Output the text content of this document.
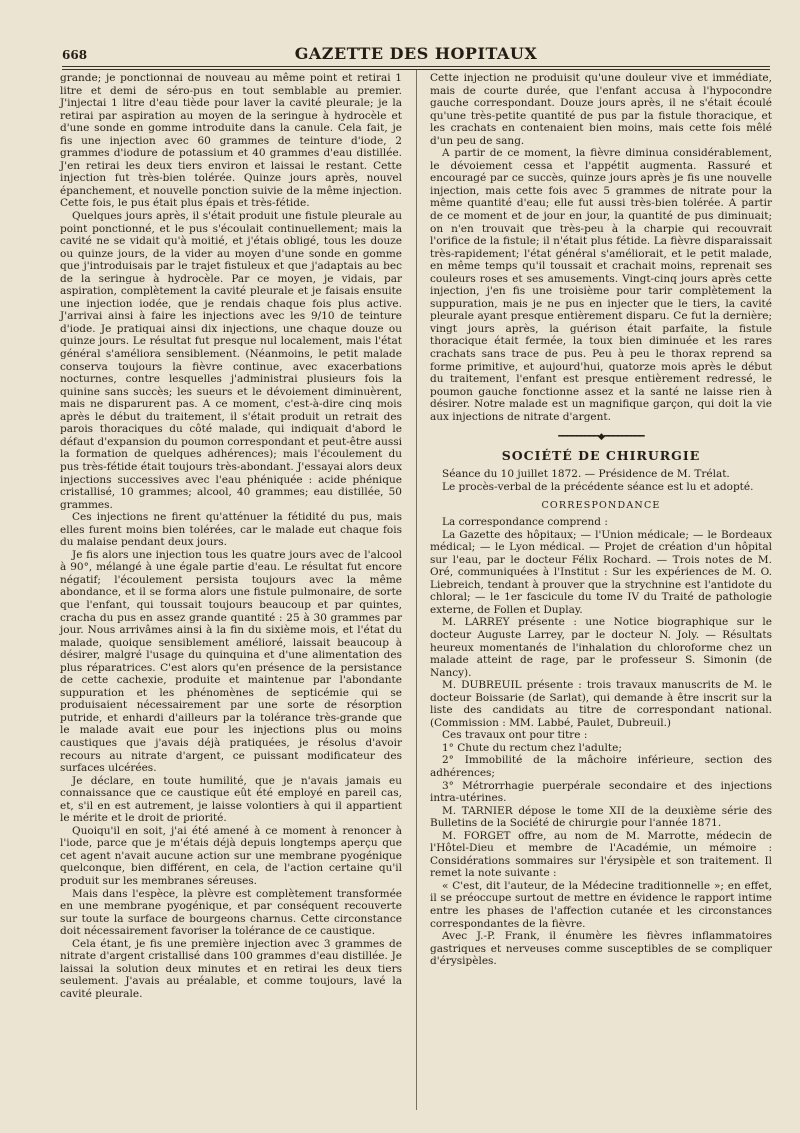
668	GAZETTE DES HOPITAUX

grande; je ponctionnai de nouveau au même point et retirai 1 litre et demi de séro-pus en tout semblable au premier. J'injectai 1 litre d'eau tiède pour laver la cavité pleurale; je la retirai par aspiration au moyen de la seringue à hydrocèle et d'une sonde en gomme introduite dans la canule. Cela fait, je fis une injection avec 60 grammes de teinture d'iode, 2 grammes d'iodure de potassium et 40 grammes d'eau distillée. J'en retirai les deux tiers environ et laissai le restant. Cette injection fut très-bien tolérée. Quinze jours après, nouvel épanchement, et nouvelle ponction suivie de la même injection. Cette fois, le pus était plus épais et très-fétide.

Quelques jours après, il s'était produit une fistule pleurale au point ponctionné, et le pus s'écoulait continuellement; mais la cavité ne se vidait qu'à moitié, et j'étais obligé, tous les douze ou quinze jours, de la vider au moyen d'une sonde en gomme que j'introduisais par le trajet fistuleux et que j'adaptais au bec de la seringue à hydrocèle. Par ce moyen, je vidais, par aspiration, complètement la cavité pleurale et je faisais ensuite une injection iodée, que je rendais chaque fois plus active. J'arrivai ainsi à faire les injections avec les 9/10 de teinture d'iode. Je pratiquai ainsi dix injections, une chaque douze ou quinze jours. Le résultat fut presque nul localement, mais l'état général s'améliora sensiblement. (Néanmoins, le petit malade conserva toujours la fièvre continue, avec exacerbations nocturnes, contre lesquelles j'administrai plusieurs fois la quinine sans succès; les sueurs et le dévoiement diminuèrent, mais ne disparurent pas. A ce moment, c'est-à-dire cinq mois après le début du traitement, il s'était produit un retrait des parois thoraciques du côté malade, qui indiquait d'abord le défaut d'expansion du poumon correspondant et peut-être aussi la formation de quelques adhérences); mais l'écoulement du pus très-fétide était toujours très-abondant. J'essayai alors deux injections successives avec l'eau phéniquée : acide phénique cristallisé, 10 grammes; alcool, 40 grammes; eau distillée, 50 grammes.

Ces injections ne firent qu'atténuer la fétidité du pus, mais elles furent moins bien tolérées, car le malade eut chaque fois du malaise pendant deux jours.

Je fis alors une injection tous les quatre jours avec de l'alcool à 90°, mélangé à une égale partie d'eau. Le résultat fut encore négatif; l'écoulement persista toujours avec la même abondance, et il se forma alors une fistule pulmonaire, de sorte que l'enfant, qui toussait toujours beaucoup et par quintes, cracha du pus en assez grande quantité : 25 à 30 grammes par jour. Nous arrivâmes ainsi à la fin du sixième mois, et l'état du malade, quoique sensiblement amélioré, laissait beaucoup à désirer, malgré l'usage du quinquina et d'une alimentation des plus réparatrices. C'est alors qu'en présence de la persistance de cette cachexie, produite et maintenue par l'abondante suppuration et les phénomènes de septicémie qui se produisaient nécessairement par une sorte de résorption putride, et enhardi d'ailleurs par la tolérance très-grande que le malade avait eue pour les injections plus ou moins caustiques que j'avais déjà pratiquées, je résolus d'avoir recours au nitrate d'argent, ce puissant modificateur des surfaces ulcérées.

Je déclare, en toute humilité, que je n'avais jamais eu connaissance que ce caustique eût été employé en pareil cas, et, s'il en est autrement, je laisse volontiers à qui il appartient le mérite et le droit de priorité.

Quoiqu'il en soit, j'ai été amené à ce moment à renoncer à l'iode, parce que je m'étais déjà depuis longtemps aperçu que cet agent n'avait aucune action sur une membrane pyogénique quelconque, bien différent, en cela, de l'action certaine qu'il produit sur les membranes séreuses.

Mais dans l'espèce, la plèvre est complètement transformée en une membrane pyogénique, et par conséquent recouverte sur toute la surface de bourgeons charnus. Cette circonstance doit nécessairement favoriser la tolérance de ce caustique.

Cela étant, je fis une première injection avec 3 grammes de nitrate d'argent cristallisé dans 100 grammes d'eau distillée. Je laissai la solution deux minutes et en retirai les deux tiers seulement. J'avais au préalable, et comme toujours, lavé la cavité pleurale.

Cette injection ne produisit qu'une douleur vive et immédiate, mais de courte durée, que l'enfant accusa à l'hypocondre gauche correspondant. Douze jours après, il ne s'était écoulé qu'une très-petite quantité de pus par la fistule thoracique, et les crachats en contenaient bien moins, mais cette fois mêlé d'un peu de sang.

A partir de ce moment, la fièvre diminua considérablement, le dévoiement cessa et l'appétit augmenta. Rassuré et encouragé par ce succès, quinze jours après je fis une nouvelle injection, mais cette fois avec 5 grammes de nitrate pour la même quantité d'eau; elle fut aussi très-bien tolérée. A partir de ce moment et de jour en jour, la quantité de pus diminuait; on n'en trouvait que très-peu à la charpie qui recouvrait l'orifice de la fistule; il n'était plus fétide. La fièvre disparaissait très-rapidement; l'état général s'améliorait, et le petit malade, en même temps qu'il toussait et crachait moins, reprenait ses couleurs roses et ses amusements. Vingt-cinq jours après cette injection, j'en fis une troisième pour tarir complètement la suppuration, mais je ne pus en injecter que le tiers, la cavité pleurale ayant presque entièrement disparu. Ce fut la dernière; vingt jours après, la guérison était parfaite, la fistule thoracique était fermée, la toux bien diminuée et les rares crachats sans trace de pus. Peu à peu le thorax reprend sa forme primitive, et aujourd'hui, quatorze mois après le début du traitement, l'enfant est presque entièrement redressé, le poumon gauche fonctionne assez et la santé ne laisse rien à désirer. Notre malade est un magnifique garçon, qui doit la vie aux injections de nitrate d'argent.

━━━━━━━━━◆━━━━━━━━━
SOCIÉTÉ DE CHIRURGIE

Séance du 10 juillet 1872. — Présidence de M. Trélat.

Le procès-verbal de la précédente séance est lu et adopté.

CORRESPONDANCE

La correspondance comprend :

La Gazette des hôpitaux; — l'Union médicale; — le Bordeaux médical; — le Lyon médical. — Projet de création d'un hôpital sur l'eau, par le docteur Félix Rochard. — Trois notes de M. Oré, communiquées à l'Institut : Sur les expériences de M. O. Liebreich, tendant à prouver que la strychnine est l'antidote du chloral; — le 1er fascicule du tome IV du Traité de pathologie externe, de Follen et Duplay.

M. LARREY présente : une Notice biographique sur le docteur Auguste Larrey, par le docteur N. Joly. — Résultats heureux momentanés de l'inhalation du chloroforme chez un malade atteint de rage, par le professeur S. Simonin (de Nancy).

M. DUBREUIL présente : trois travaux manuscrits de M. le docteur Boissarie (de Sarlat), qui demande à être inscrit sur la liste des candidats au titre de correspondant national. (Commission : MM. Labbé, Paulet, Dubreuil.)

Ces travaux ont pour titre :

1° Chute du rectum chez l'adulte;

2° Immobilité de la mâchoire inférieure, section des adhérences;

3° Métrorrhagie puerpérale secondaire et des injections intra-utérines.

M. TARNIER dépose le tome XII de la deuxième série des Bulletins de la Société de chirurgie pour l'année 1871.

M. FORGET offre, au nom de M. Marrotte, médecin de l'Hôtel-Dieu et membre de l'Académie, un mémoire : Considérations sommaires sur l'érysipèle et son traitement. Il remet la note suivante :

« C'est, dit l'auteur, de la Médecine traditionnelle »; en effet, il se préoccupe surtout de mettre en évidence le rapport intime entre les phases de l'affection cutanée et les circonstances correspondantes de la fièvre.

Avec J.-P. Frank, il énumère les fièvres inflammatoires gastriques et nerveuses comme susceptibles de se compliquer d'érysipèles.
